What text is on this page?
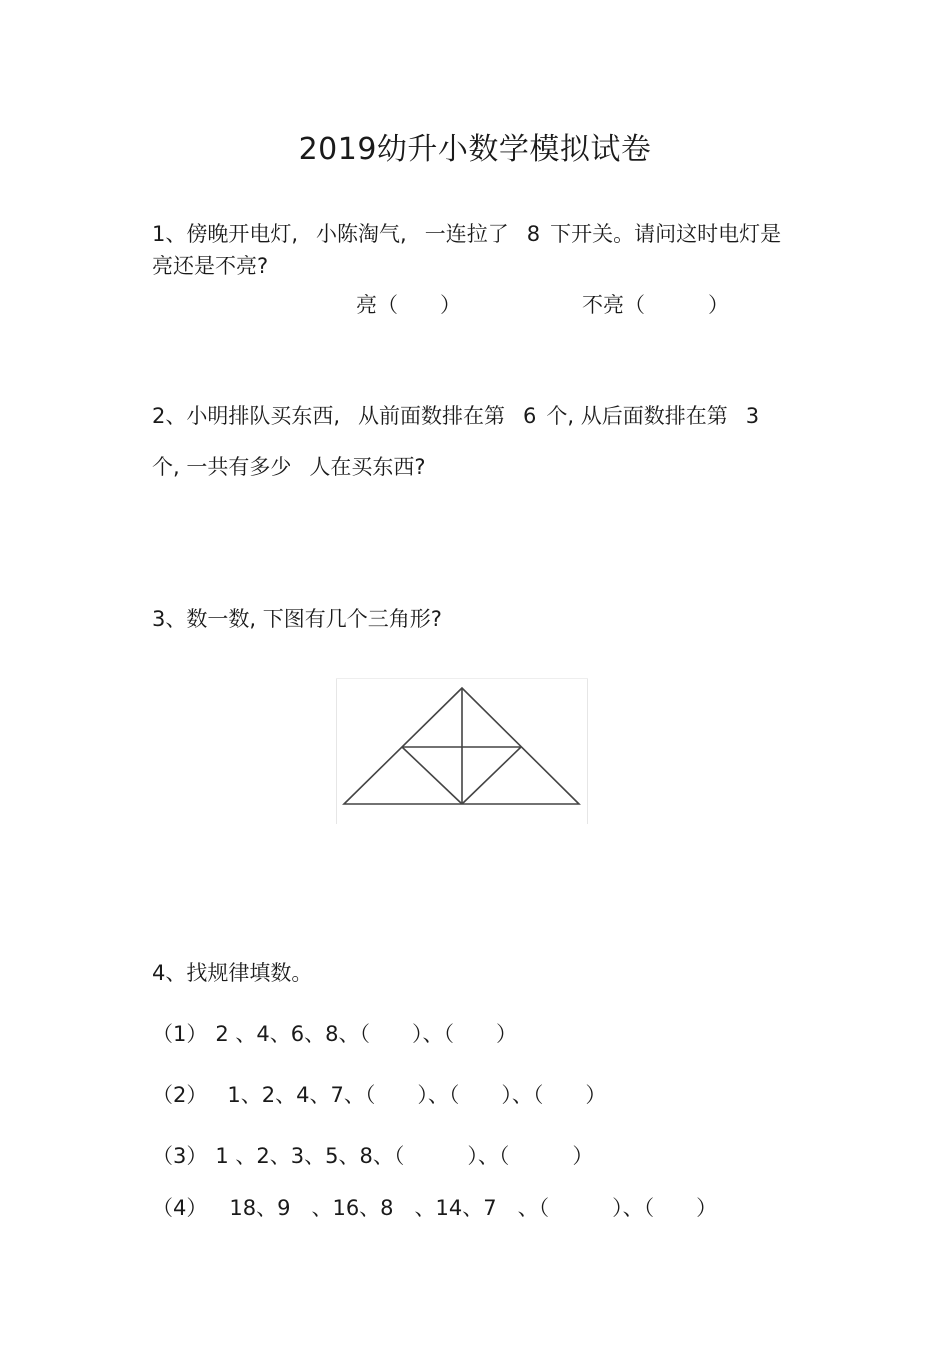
2019幼升小数学模拟试卷
1、傍晚开电灯, 小陈淘气, 一连拉了 8 下开关。请问这时电灯是
亮还是不亮?
亮（　　）	不亮（　　　）
2、小明排队买东西, 从前面数排在第 6 个, 从后面数排在第 3
个, 一共有多少 人在买东西?
3、数一数, 下图有几个三角形?
4、找规律填数。
（1） 2 、4、6、8、（　　）、（　　）
（2） 1、2、4、7、（　　）、（　　）、（　　）
（3） 1 、2、3、5、8、（　　　）、（　　　）
（4） 18、9　、16、8　、14、7　、（　　　）、（　　）
